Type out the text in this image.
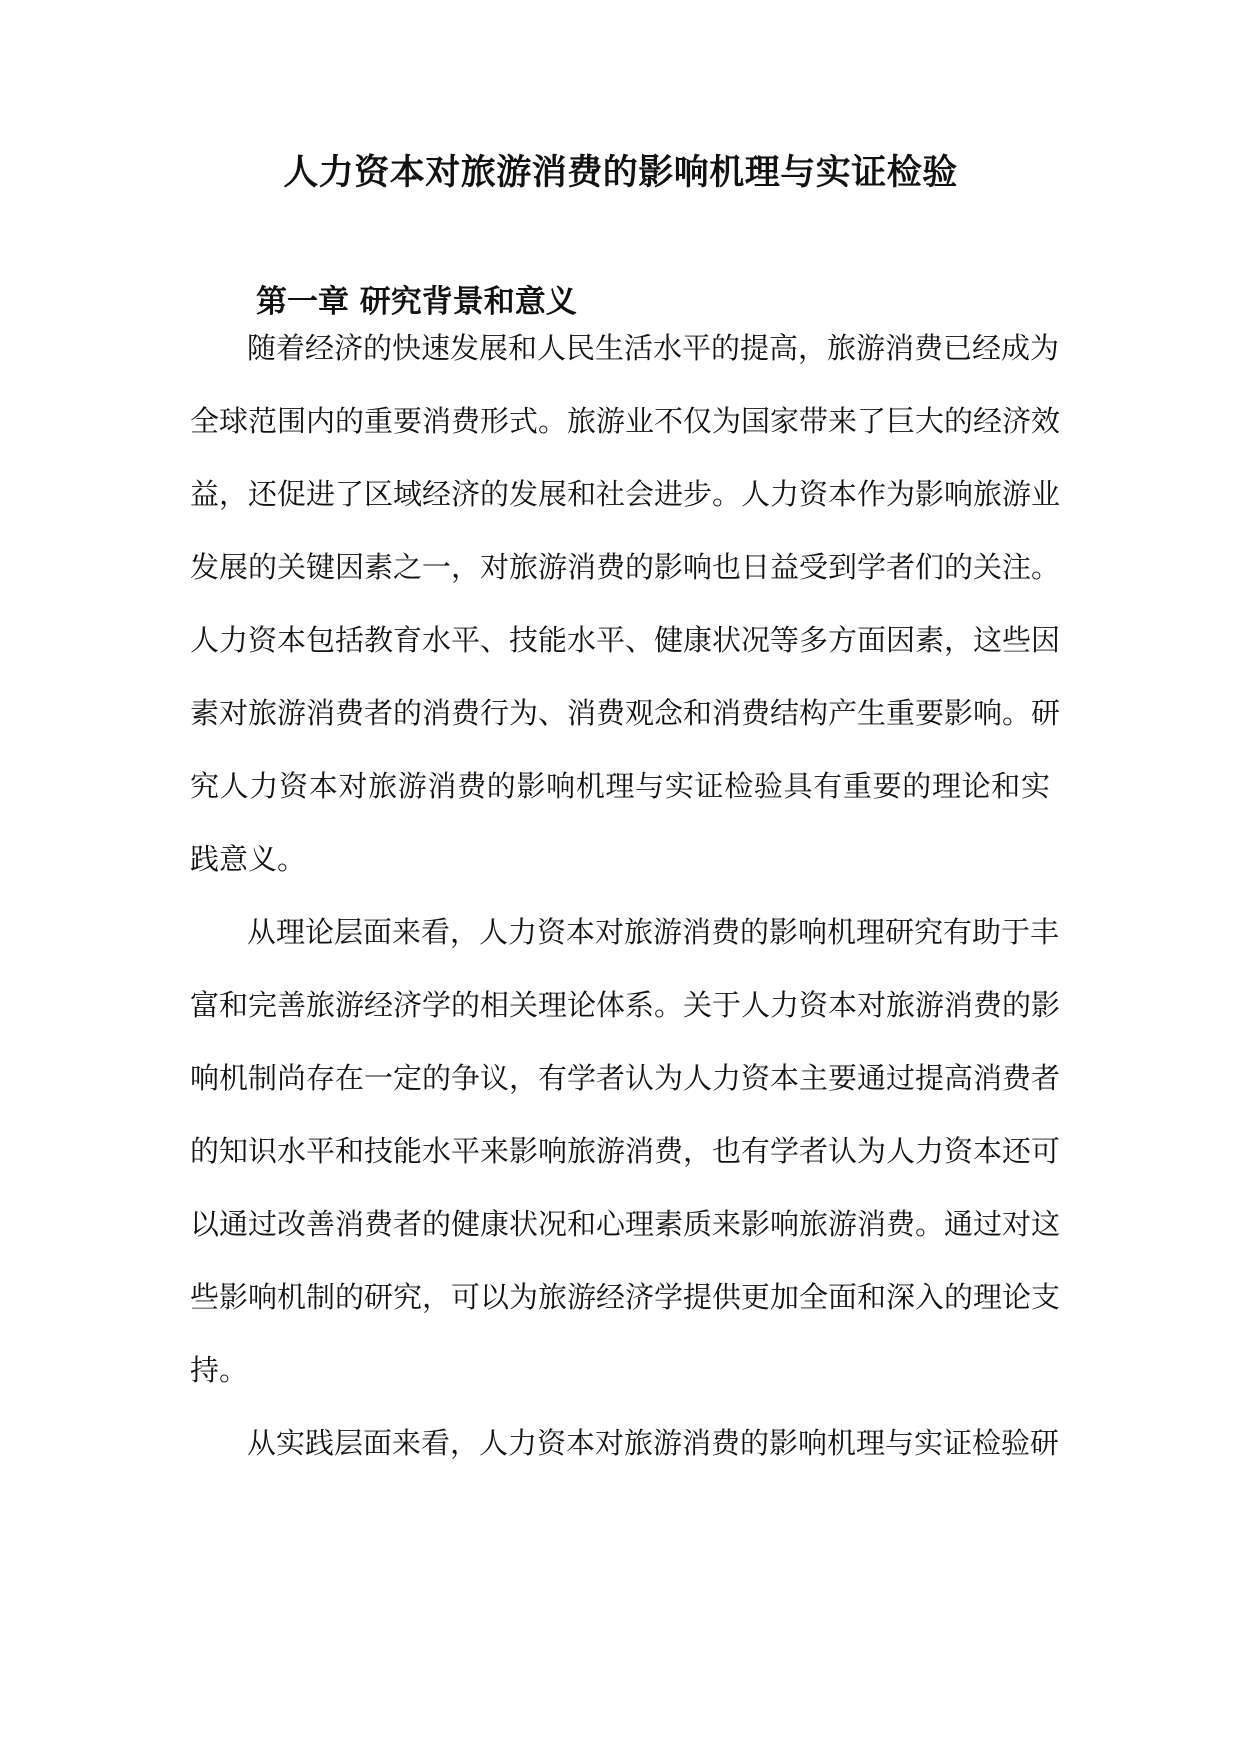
人力资本对旅游消费的影响机理与实证检验
第一章 研究背景和意义
随着经济的快速发展和人民生活水平的提高，旅游消费已经成为
全球范围内的重要消费形式。旅游业不仅为国家带来了巨大的经济效
益，还促进了区域经济的发展和社会进步。人力资本作为影响旅游业
发展的关键因素之一，对旅游消费的影响也日益受到学者们的关注。
人力资本包括教育水平、技能水平、健康状况等多方面因素，这些因
素对旅游消费者的消费行为、消费观念和消费结构产生重要影响。研
究人力资本对旅游消费的影响机理与实证检验具有重要的理论和实
践意义。
从理论层面来看，人力资本对旅游消费的影响机理研究有助于丰
富和完善旅游经济学的相关理论体系。关于人力资本对旅游消费的影
响机制尚存在一定的争议，有学者认为人力资本主要通过提高消费者
的知识水平和技能水平来影响旅游消费，也有学者认为人力资本还可
以通过改善消费者的健康状况和心理素质来影响旅游消费。通过对这
些影响机制的研究，可以为旅游经济学提供更加全面和深入的理论支
持。
从实践层面来看，人力资本对旅游消费的影响机理与实证检验研
